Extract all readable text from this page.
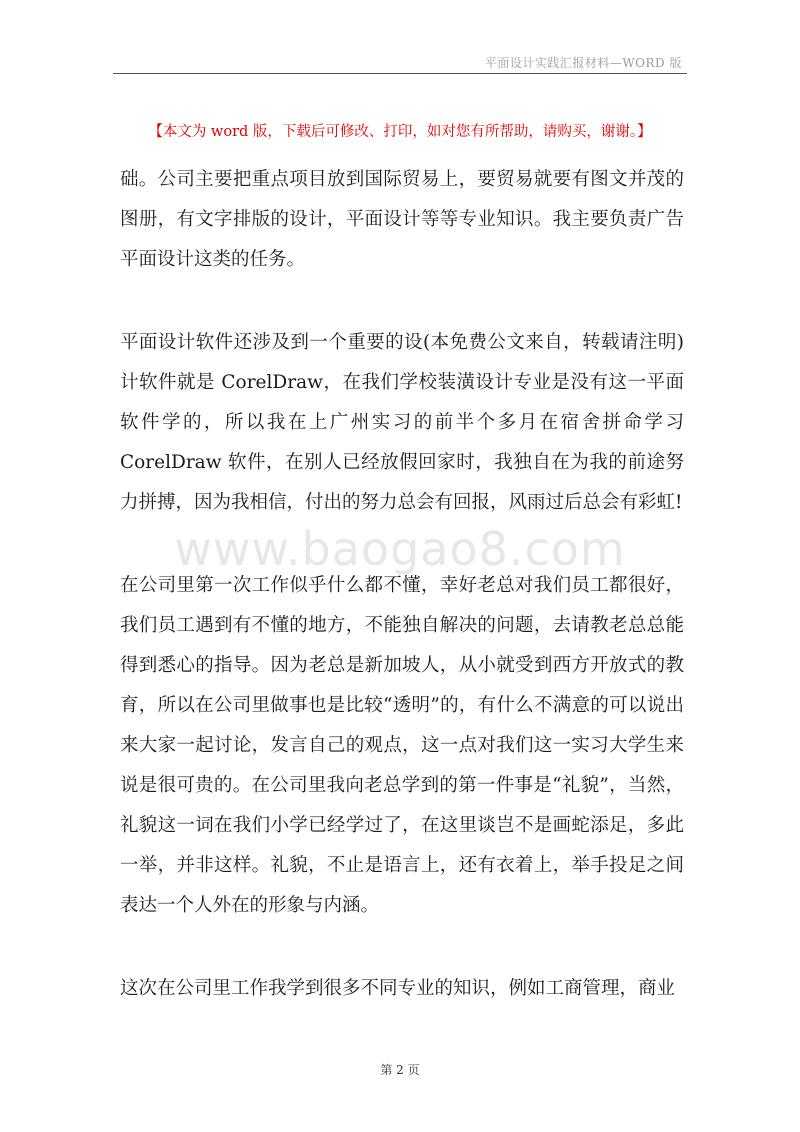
平面设计实践汇报材料—WORD 版
【本文为 word 版，下载后可修改、打印，如对您有所帮助，请购买，谢谢。】
www.baogao8.com

础。公司主要把重点项目放到国际贸易上，要贸易就要有图文并茂的图册，有文字排版的设计，平面设计等等专业知识。我主要负责广告平面设计这类的任务。

平面设计软件还涉及到一个重要的设(本免费公文来自，转载请注明)计软件就是 CorelDraw，在我们学校装潢设计专业是没有这一平面软件学的，所以我在上广州实习的前半个多月在宿舍拼命学习 CorelDraw 软件，在别人已经放假回家时，我独自在为我的前途努力拼搏，因为我相信，付出的努力总会有回报，风雨过后总会有彩虹!

在公司里第一次工作似乎什么都不懂，幸好老总对我们员工都很好，我们员工遇到有不懂的地方，不能独自解决的问题，去请教老总总能得到悉心的指导。因为老总是新加坡人，从小就受到西方开放式的教育，所以在公司里做事也是比较“透明”的，有什么不满意的可以说出来大家一起讨论，发言自己的观点，这一点对我们这一实习大学生来说是很可贵的。在公司里我向老总学到的第一件事是“礼貌”，当然，礼貌这一词在我们小学已经学过了，在这里谈岂不是画蛇添足，多此一举，并非这样。礼貌，不止是语言上，还有衣着上，举手投足之间表达一个人外在的形象与内涵。

这次在公司里工作我学到很多不同专业的知识，例如工商管理，商业

第 2 页
